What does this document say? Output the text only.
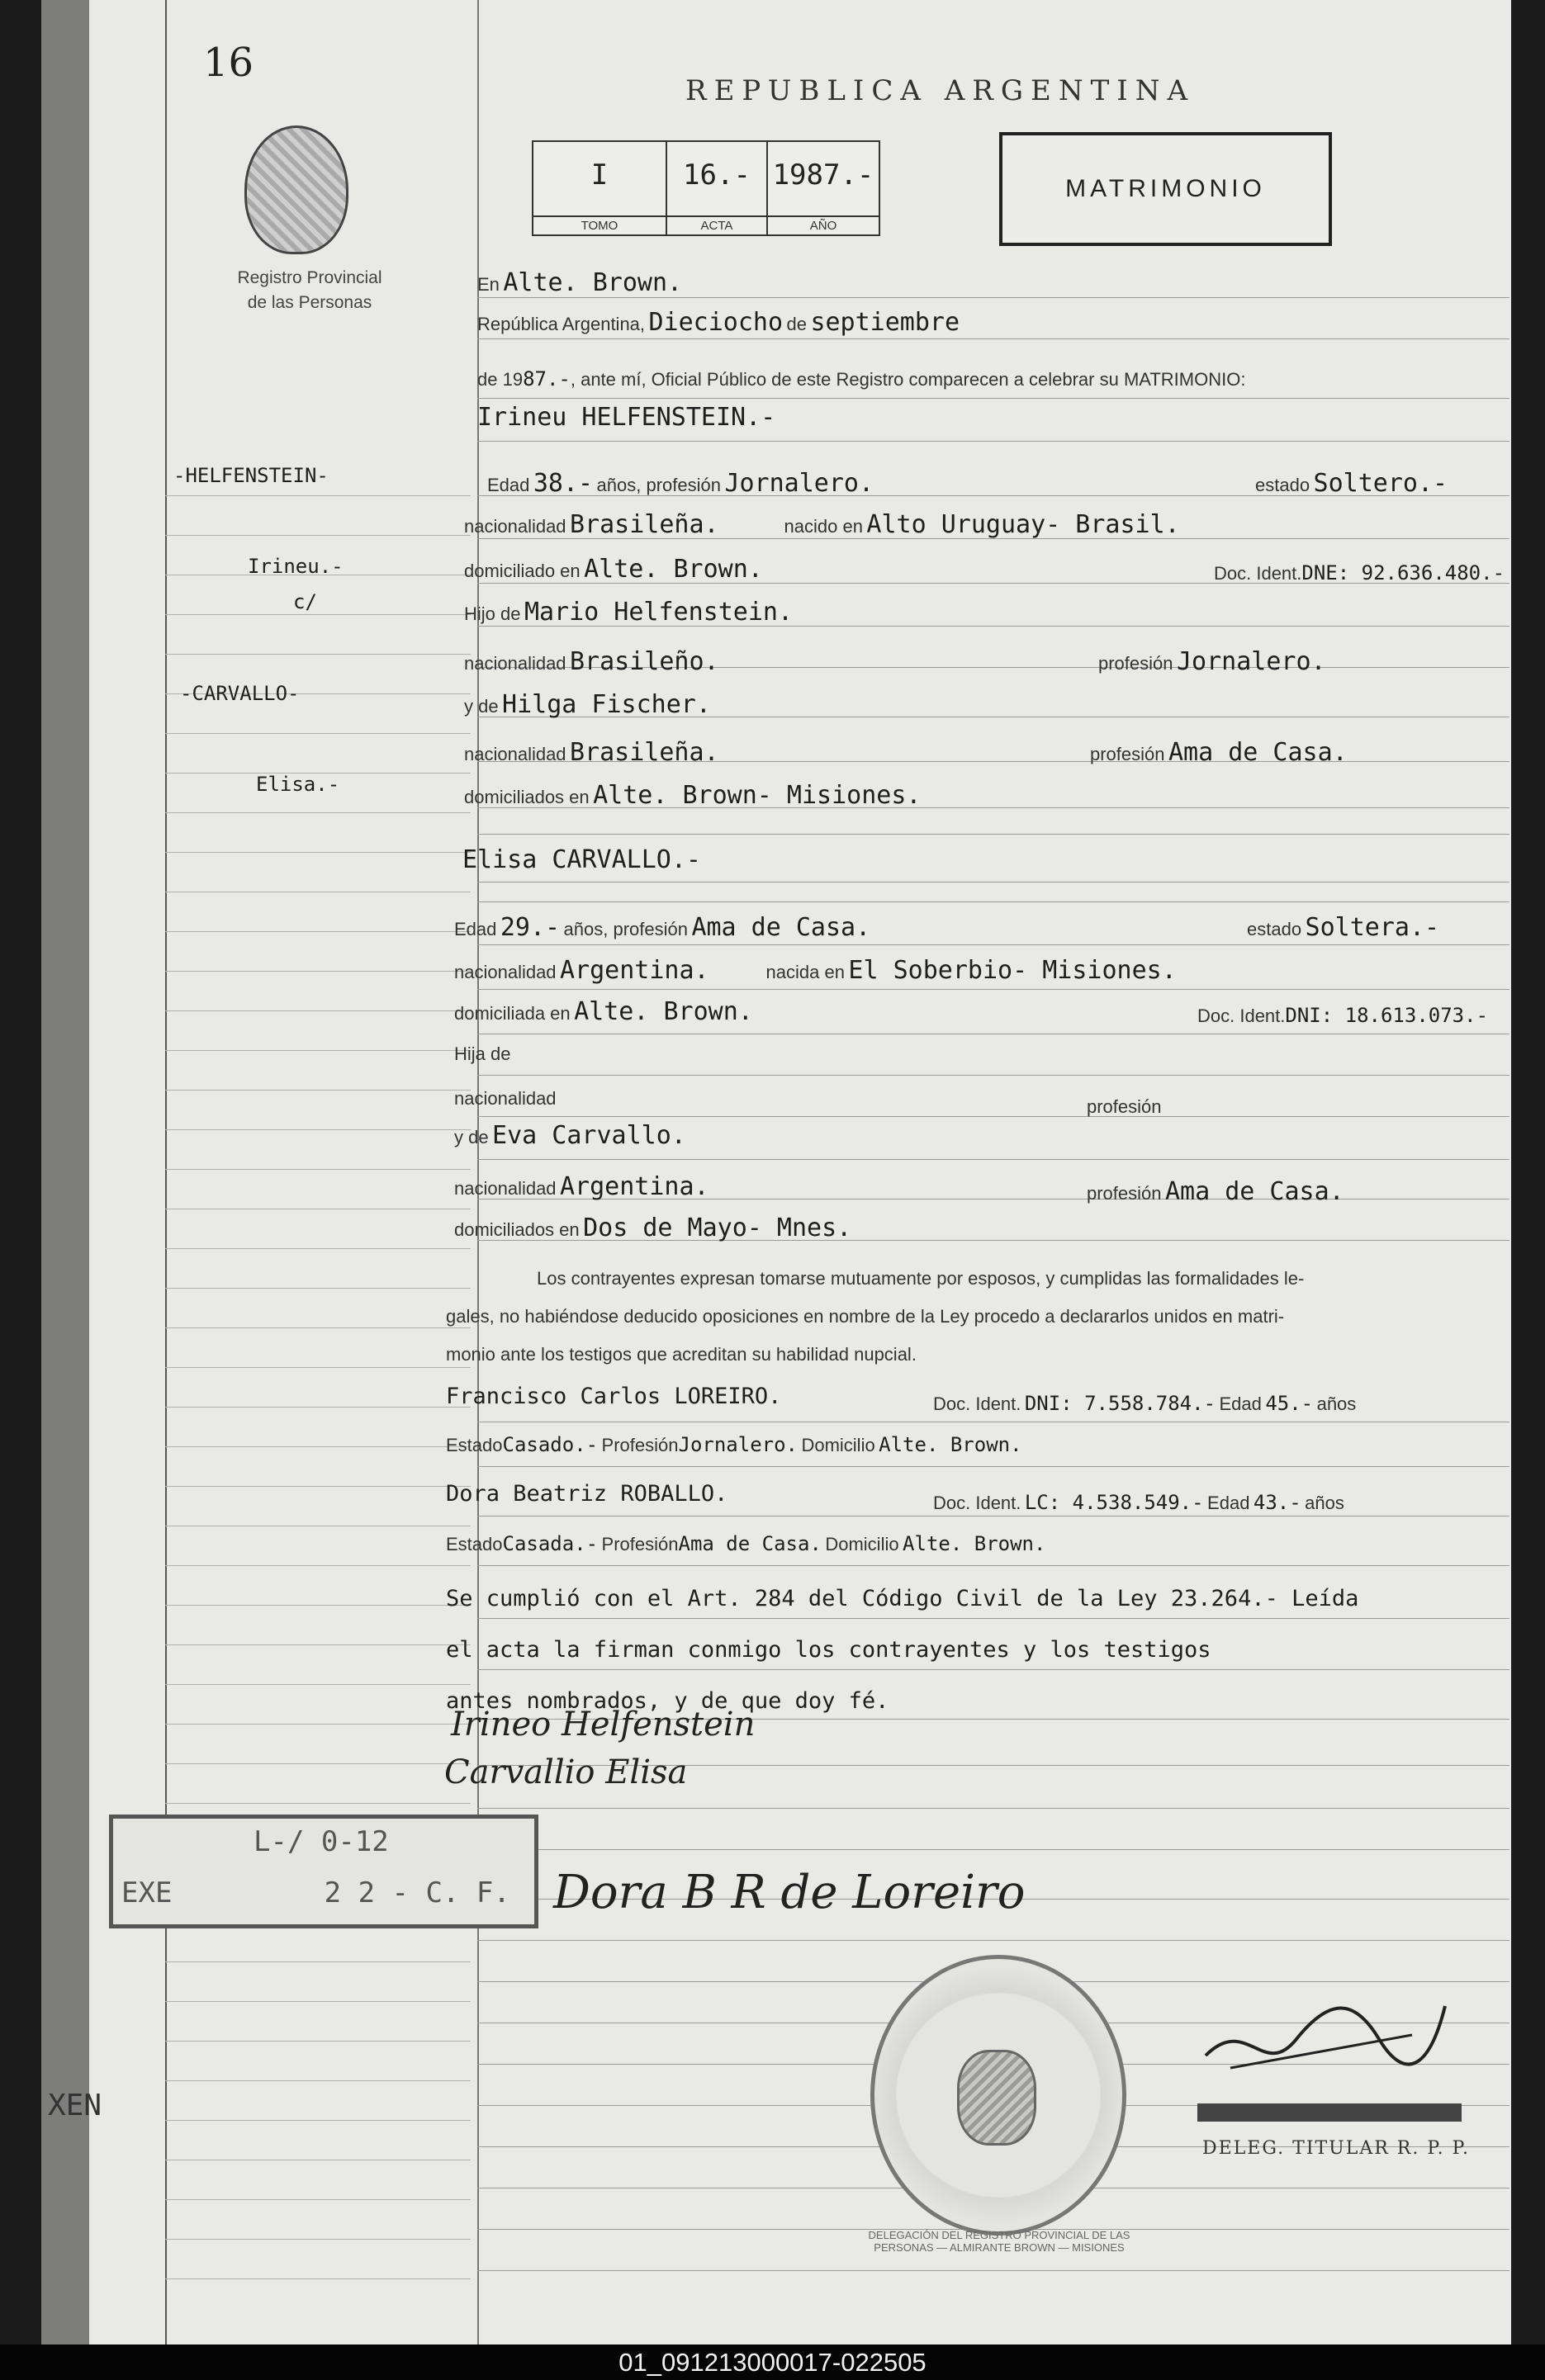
16
Registro Provincial
de las Personas
REPUBLICA ARGENTINA
I
TOMO
16.-
ACTA
1987.-
AÑO
MATRIMONIO
-HELFENSTEIN-
Irineu.-
c/
-CARVALLO-
Elisa.-
En Alte. Brown.
República Argentina, Dieciocho de septiembre
de 1987.-, ante mí, Oficial Público de este Registro comparecen a celebrar su MATRIMONIO:
Irineu HELFENSTEIN.-
Edad 38.- años, profesión Jornalero.	estado Soltero.-
nacionalidad Brasileña.	nacido en Alto Uruguay- Brasil.
domiciliado en Alte. Brown.	Doc. Ident.DNE: 92.636.480.-
Hijo de Mario Helfenstein.
nacionalidad Brasileño.	profesión Jornalero.
y de Hilga Fischer.
nacionalidad Brasileña.	profesión Ama de Casa.
domiciliados en Alte. Brown- Misiones.
Elisa CARVALLO.-
Edad 29.- años, profesión Ama de Casa.	estado Soltera.-
nacionalidad Argentina.	nacida en El Soberbio- Misiones.
domiciliada en Alte. Brown.	Doc. Ident.DNI: 18.613.073.-
Hija de
nacionalidad	profesión
y de Eva Carvallo.
nacionalidad Argentina.	profesión Ama de Casa.
domiciliados en Dos de Mayo- Mnes.
Los contrayentes expresan tomarse mutuamente por esposos, y cumplidas las formalidades le-
gales, no habiéndose deducido oposiciones en nombre de la Ley procedo a declararlos unidos en matri-
monio ante los testigos que acreditan su habilidad nupcial.
Francisco Carlos LOREIRO.	Doc. Ident. DNI: 7.558.784.- Edad 45.- años
EstadoCasado.- ProfesiónJornalero. Domicilio Alte. Brown.
Dora Beatriz ROBALLO.	Doc. Ident. LC: 4.538.549.- Edad 43.- años
EstadoCasada.- ProfesiónAma de Casa. Domicilio Alte. Brown.
Se cumplió con el Art. 284 del Código Civil de la Ley 23.264.- Leída
el acta la firman conmigo los contrayentes y los testigos
antes nombrados, y de que doy fé.
Irineo Helfenstein
Carvallio Elisa
Dora B R de Loreiro
L-/ 0-12
EXE         2 2 - C. F.
DELEGACIÓN DEL REGISTRO PROVINCIAL DE LAS PERSONAS — ALMIRANTE BROWN — MISIONES
DELEG. TITULAR R. P. P.
XEN
01_091213000017-022505
